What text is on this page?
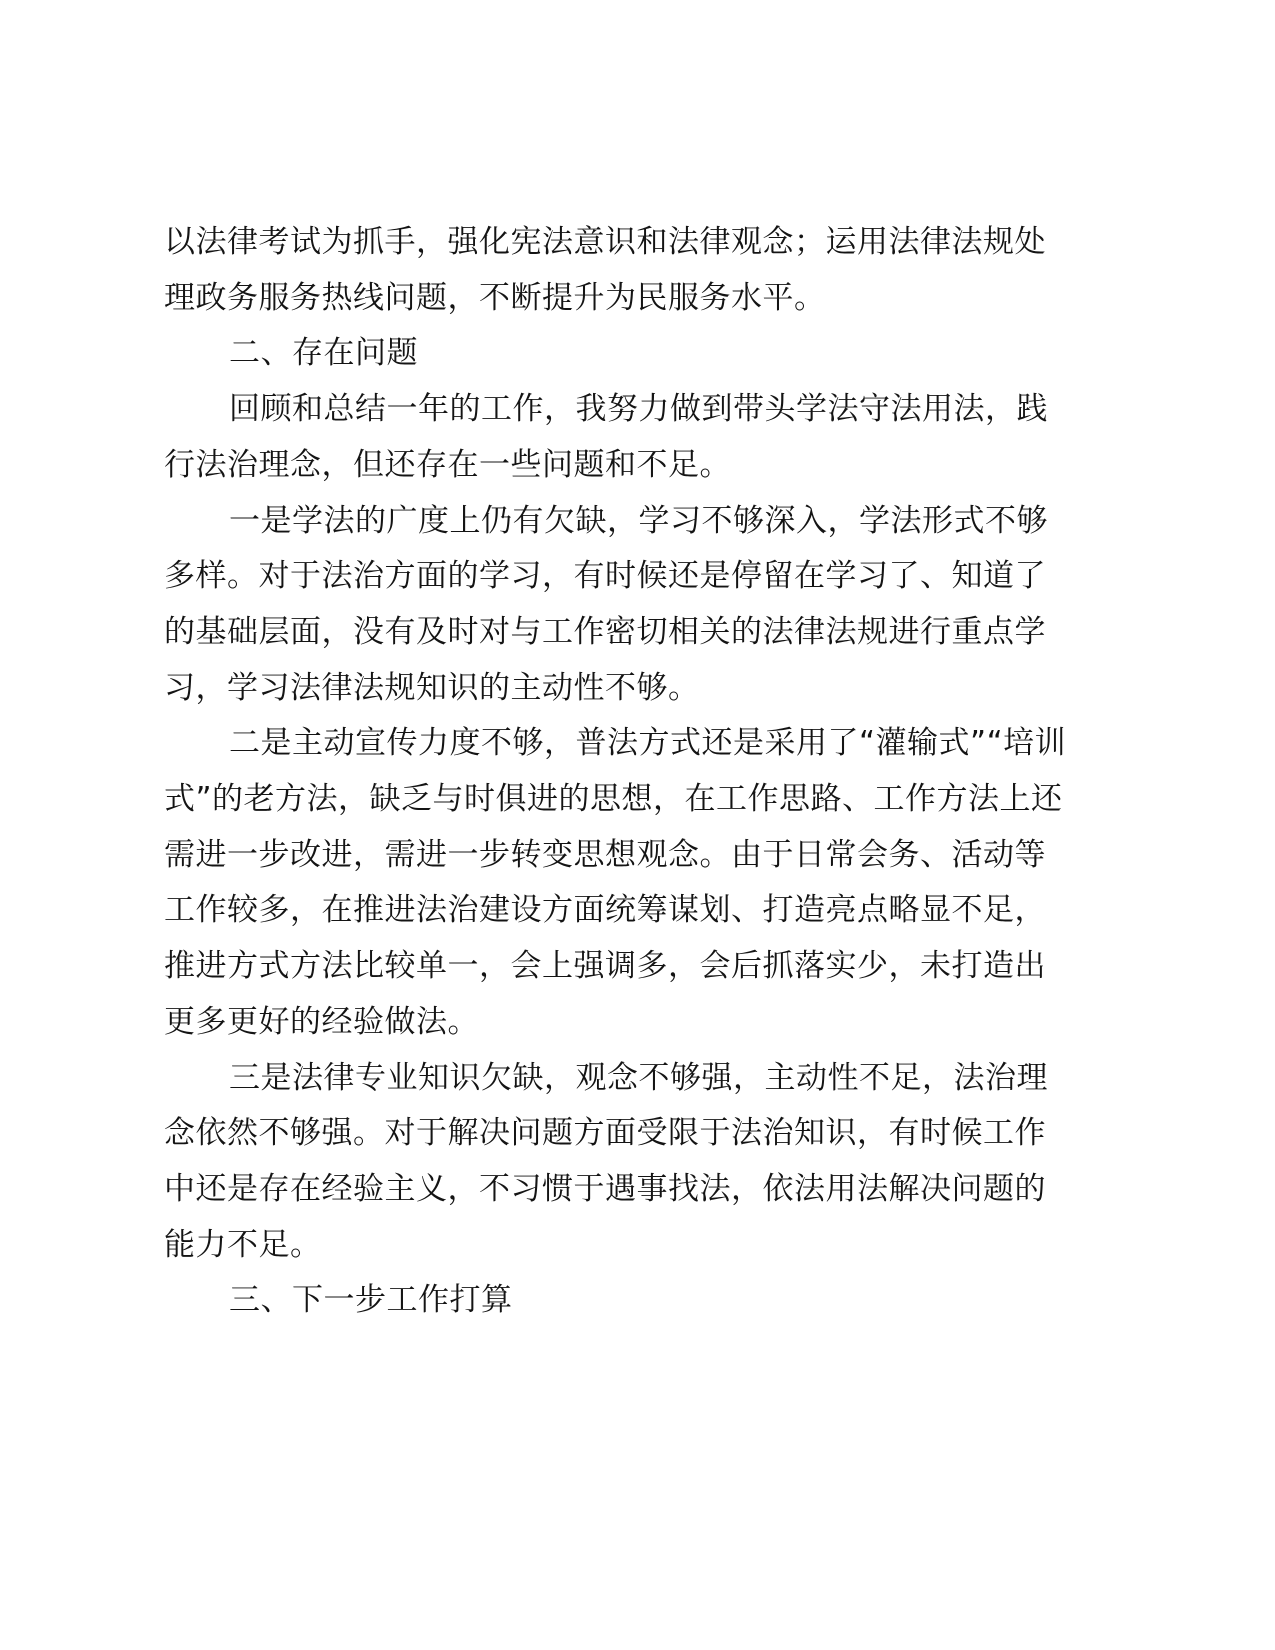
以法律考试为抓手，强化宪法意识和法律观念；运用法律法规处
理政务服务热线问题，不断提升为民服务水平。
二、存在问题
回顾和总结一年的工作，我努力做到带头学法守法用法，践
行法治理念，但还存在一些问题和不足。
一是学法的广度上仍有欠缺，学习不够深入，学法形式不够
多样。对于法治方面的学习，有时候还是停留在学习了、知道了
的基础层面，没有及时对与工作密切相关的法律法规进行重点学
习，学习法律法规知识的主动性不够。
二是主动宣传力度不够，普法方式还是采用了“灌输式”“培训
式”的老方法，缺乏与时俱进的思想，在工作思路、工作方法上还
需进一步改进，需进一步转变思想观念。由于日常会务、活动等
工作较多，在推进法治建设方面统筹谋划、打造亮点略显不足，
推进方式方法比较单一，会上强调多，会后抓落实少，未打造出
更多更好的经验做法。
三是法律专业知识欠缺，观念不够强，主动性不足，法治理
念依然不够强。对于解决问题方面受限于法治知识，有时候工作
中还是存在经验主义，不习惯于遇事找法，依法用法解决问题的
能力不足。
三、下一步工作打算
